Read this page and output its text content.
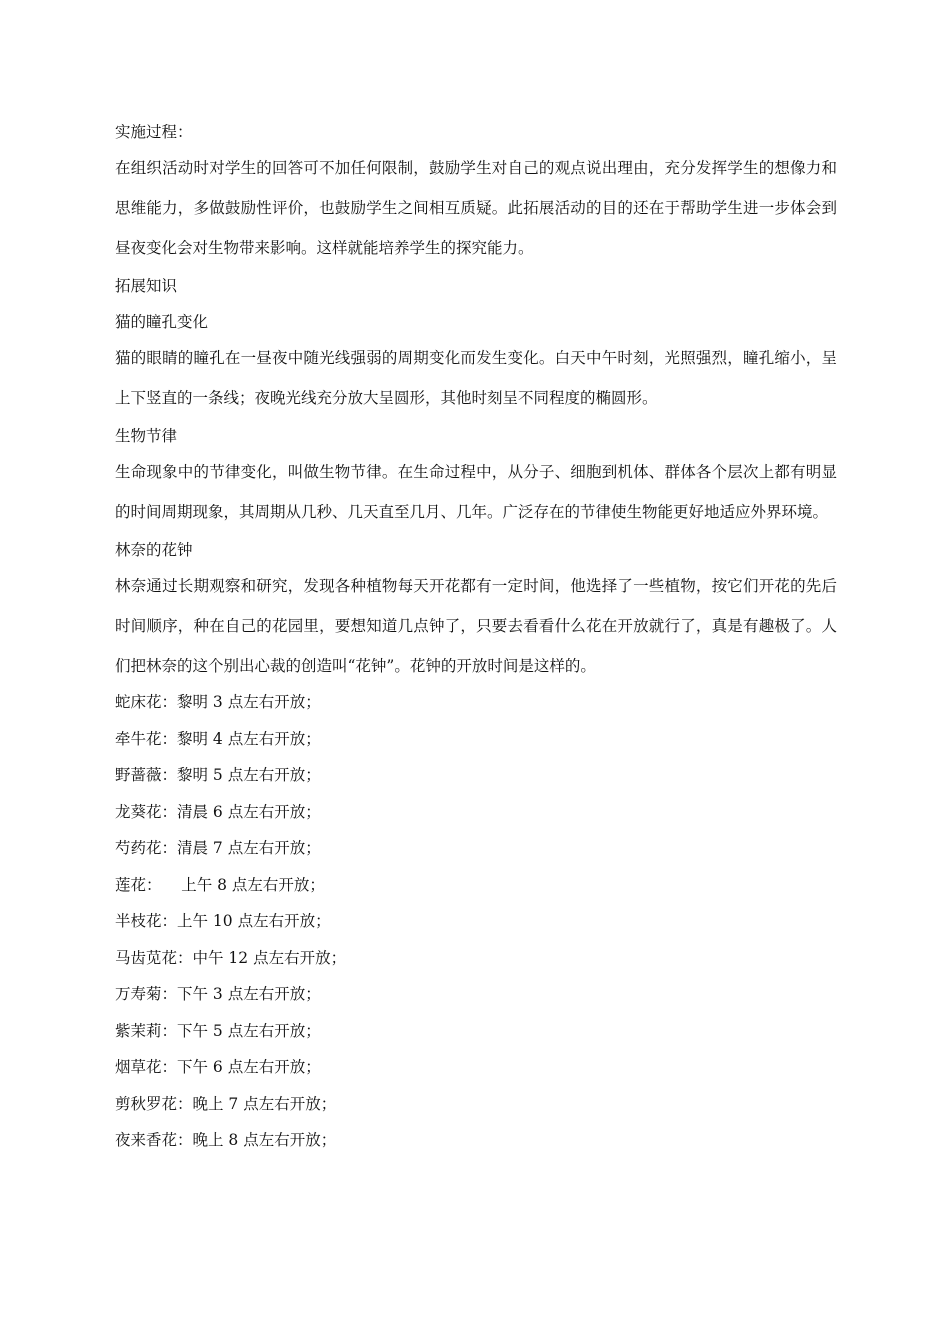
实施过程：

在组织活动时对学生的回答可不加任何限制，鼓励学生对自己的观点说出理由，充分发挥学生的想像力和思维能力，多做鼓励性评价，也鼓励学生之间相互质疑。此拓展活动的目的还在于帮助学生进一步体会到昼夜变化会对生物带来影响。这样就能培养学生的探究能力。

拓展知识
猫的瞳孔变化

猫的眼睛的瞳孔在一昼夜中随光线强弱的周期变化而发生变化。白天中午时刻，光照强烈，瞳孔缩小，呈上下竖直的一条线；夜晚光线充分放大呈圆形，其他时刻呈不同程度的椭圆形。

生物节律

生命现象中的节律变化，叫做生物节律。在生命过程中，从分子、细胞到机体、群体各个层次上都有明显的时间周期现象，其周期从几秒、几天直至几月、几年。广泛存在的节律使生物能更好地适应外界环境。

林奈的花钟

林奈通过长期观察和研究，发现各种植物每天开花都有一定时间，他选择了一些植物，按它们开花的先后时间顺序，种在自己的花园里，要想知道几点钟了，只要去看看什么花在开放就行了，真是有趣极了。人们把林奈的这个别出心裁的创造叫“花钟”。花钟的开放时间是这样的。

蛇床花：黎明 3 点左右开放；
牵牛花：黎明 4 点左右开放；
野蔷薇：黎明 5 点左右开放；
龙葵花：清晨 6 点左右开放；
芍药花：清晨 7 点左右开放；
莲花：    上午 8 点左右开放；
半枝花：上午 10 点左右开放；
马齿苋花：中午 12 点左右开放；
万寿菊：下午 3 点左右开放；
紫茉莉：下午 5 点左右开放；
烟草花：下午 6 点左右开放；
剪秋罗花：晚上 7 点左右开放；
夜来香花：晚上 8 点左右开放；
